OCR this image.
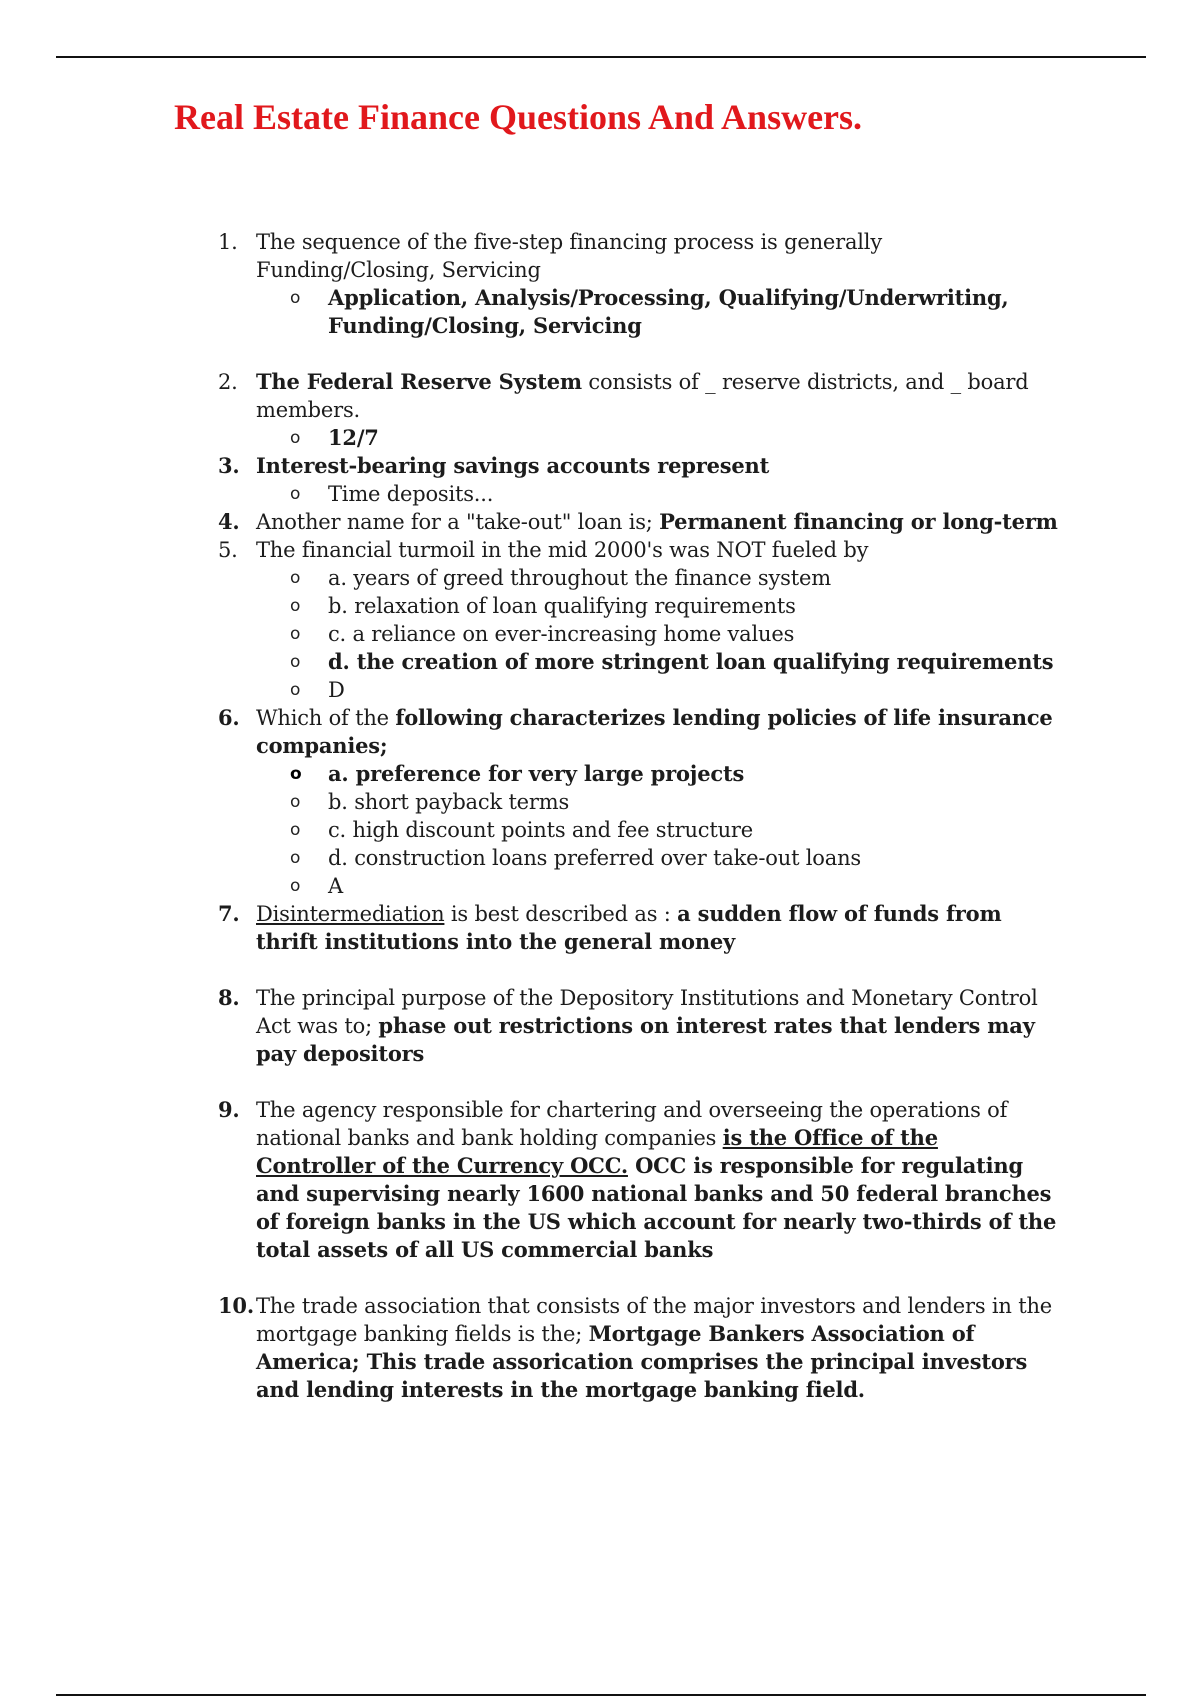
Real Estate Finance Questions And Answers.
1. The sequence of the five-step financing process is generally Funding/Closing, Servicing
o Application, Analysis/Processing, Qualifying/Underwriting, Funding/Closing, Servicing
2. The Federal Reserve System consists of _ reserve districts, and _ board members.
o 12/7
3. Interest-bearing savings accounts represent
o Time deposits...
4. Another name for a "take-out" loan is; Permanent financing or long-term
5. The financial turmoil in the mid 2000's was NOT fueled by
o a. years of greed throughout the finance system
o b. relaxation of loan qualifying requirements
o c. a reliance on ever-increasing home values
o d. the creation of more stringent loan qualifying requirements
o D
6. Which of the following characterizes lending policies of life insurance companies;
o a. preference for very large projects
o b. short payback terms
o c. high discount points and fee structure
o d. construction loans preferred over take-out loans
o A
7. Disintermediation is best described as : a sudden flow of funds from thrift institutions into the general money
8. The principal purpose of the Depository Institutions and Monetary Control Act was to; phase out restrictions on interest rates that lenders may pay depositors
9. The agency responsible for chartering and overseeing the operations of national banks and bank holding companies is the Office of the Controller of the Currency OCC. OCC is responsible for regulating and supervising nearly 1600 national banks and 50 federal branches of foreign banks in the US which account for nearly two-thirds of the total assets of all US commercial banks
10. The trade association that consists of the major investors and lenders in the mortgage banking fields is the; Mortgage Bankers Association of America; This trade assorication comprises the principal investors and lending interests in the mortgage banking field.
